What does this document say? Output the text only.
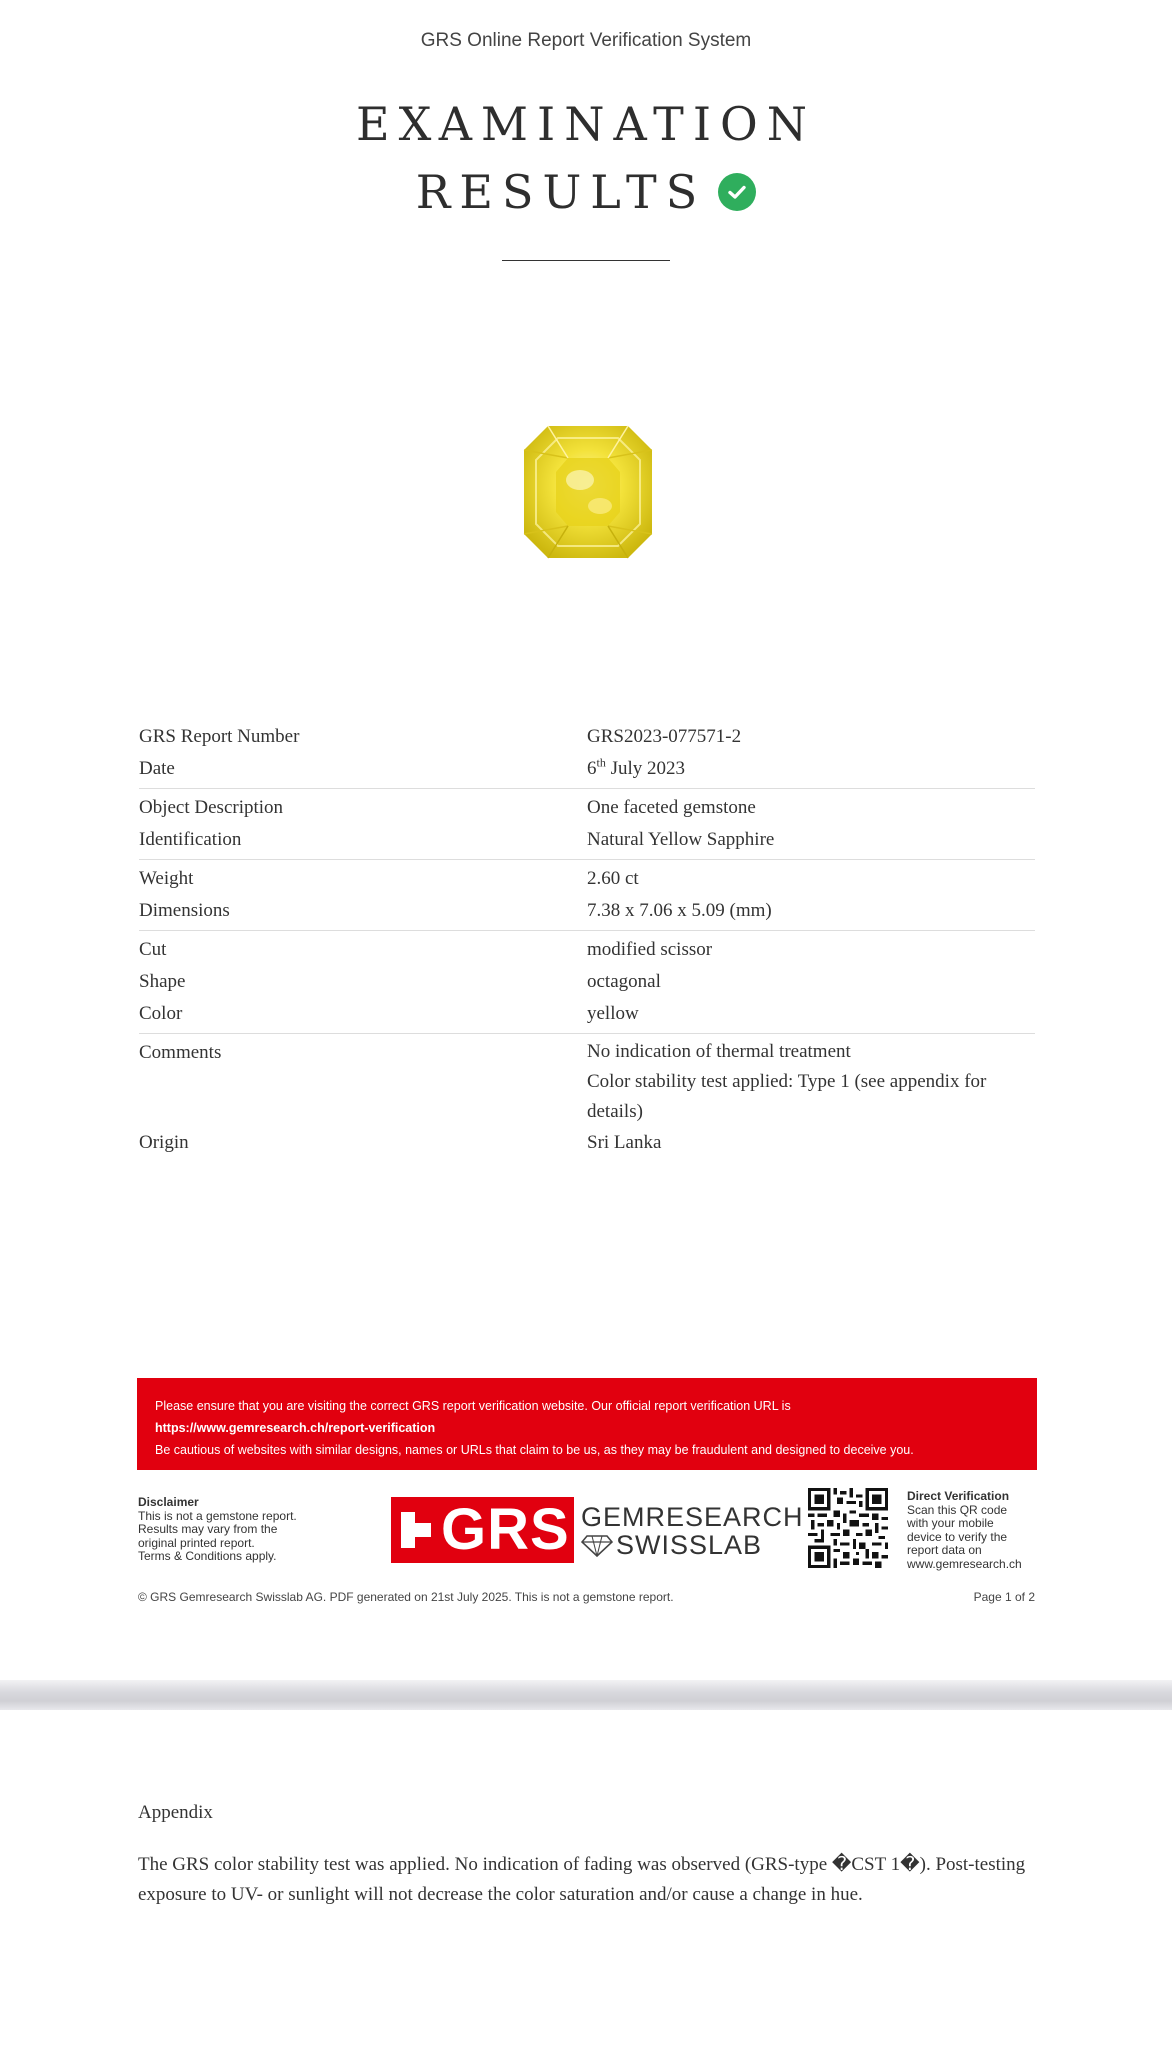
GRS Online Report Verification System
EXAMINATION
RESULTS
GRS Report Number	GRS2023-077571-2
Date	6th July 2023
Object Description	One faceted gemstone
Identification	Natural Yellow Sapphire
Weight	2.60 ct
Dimensions	7.38 x 7.06 x 5.09 (mm)
Cut	modified scissor
Shape	octagonal
Color	yellow
Comments	No indication of thermal treatment
Color stability test applied: Type 1 (see appendix for details)
Origin	Sri Lanka
Please ensure that you are visiting the correct GRS report verification website. Our official report verification URL is
https://www.gemresearch.ch/report-verification
Be cautious of websites with similar designs, names or URLs that claim to be us, as they may be fraudulent and designed to deceive you.
Disclaimer
This is not a gemstone report.
Results may vary from the
original printed report.
Terms & Conditions apply.	GRS GEMRESEARCH
SWISSLAB
Direct Verification
Scan this QR code
with your mobile
device to verify the
report data on
www.gemresearch.ch
© GRS Gemresearch Swisslab AG. PDF generated on 21st July 2025. This is not a gemstone report.	Page 1 of 2
Appendix
The GRS color stability test was applied. No indication of fading was observed (GRS-type �CST 1�). Post-testing exposure to UV- or sunlight will not decrease the color saturation and/or cause a change in hue.
